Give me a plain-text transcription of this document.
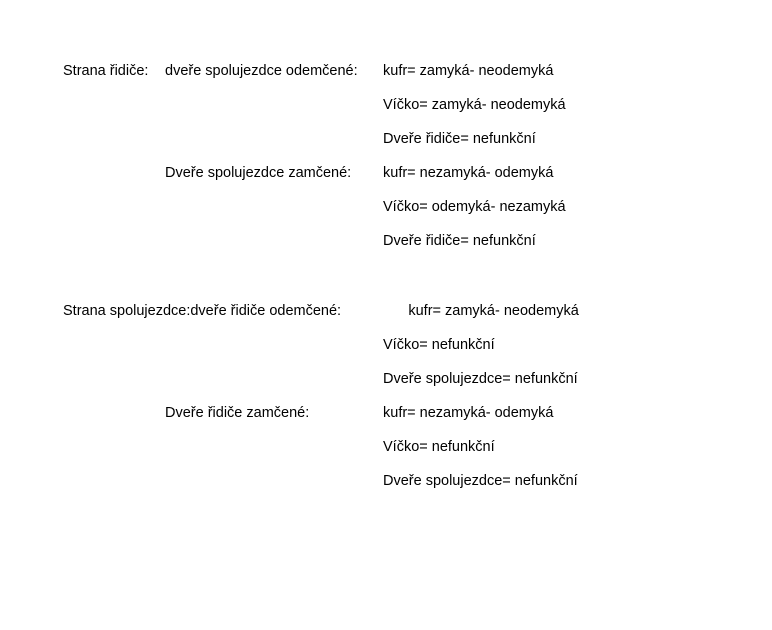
Strana řidiče:	dveře spolujezdce odemčené:	kufr= zamyká- neodemyká
Víčko= zamyká- neodemyká
Dveře řidiče= nefunkční
Dveře spolujezdce zamčené:	kufr= nezamyká- odemyká
Víčko= odemyká- nezamyká
Dveře řidiče= nefunkční
Strana spolujezdce: dveře řidiče odemčené:	kufr= zamyká- neodemyká
Víčko= nefunkční
Dveře spolujezdce= nefunkční
Dveře řidiče zamčené:	kufr= nezamyká- odemyká
Víčko= nefunkční
Dveře spolujezdce= nefunkční
